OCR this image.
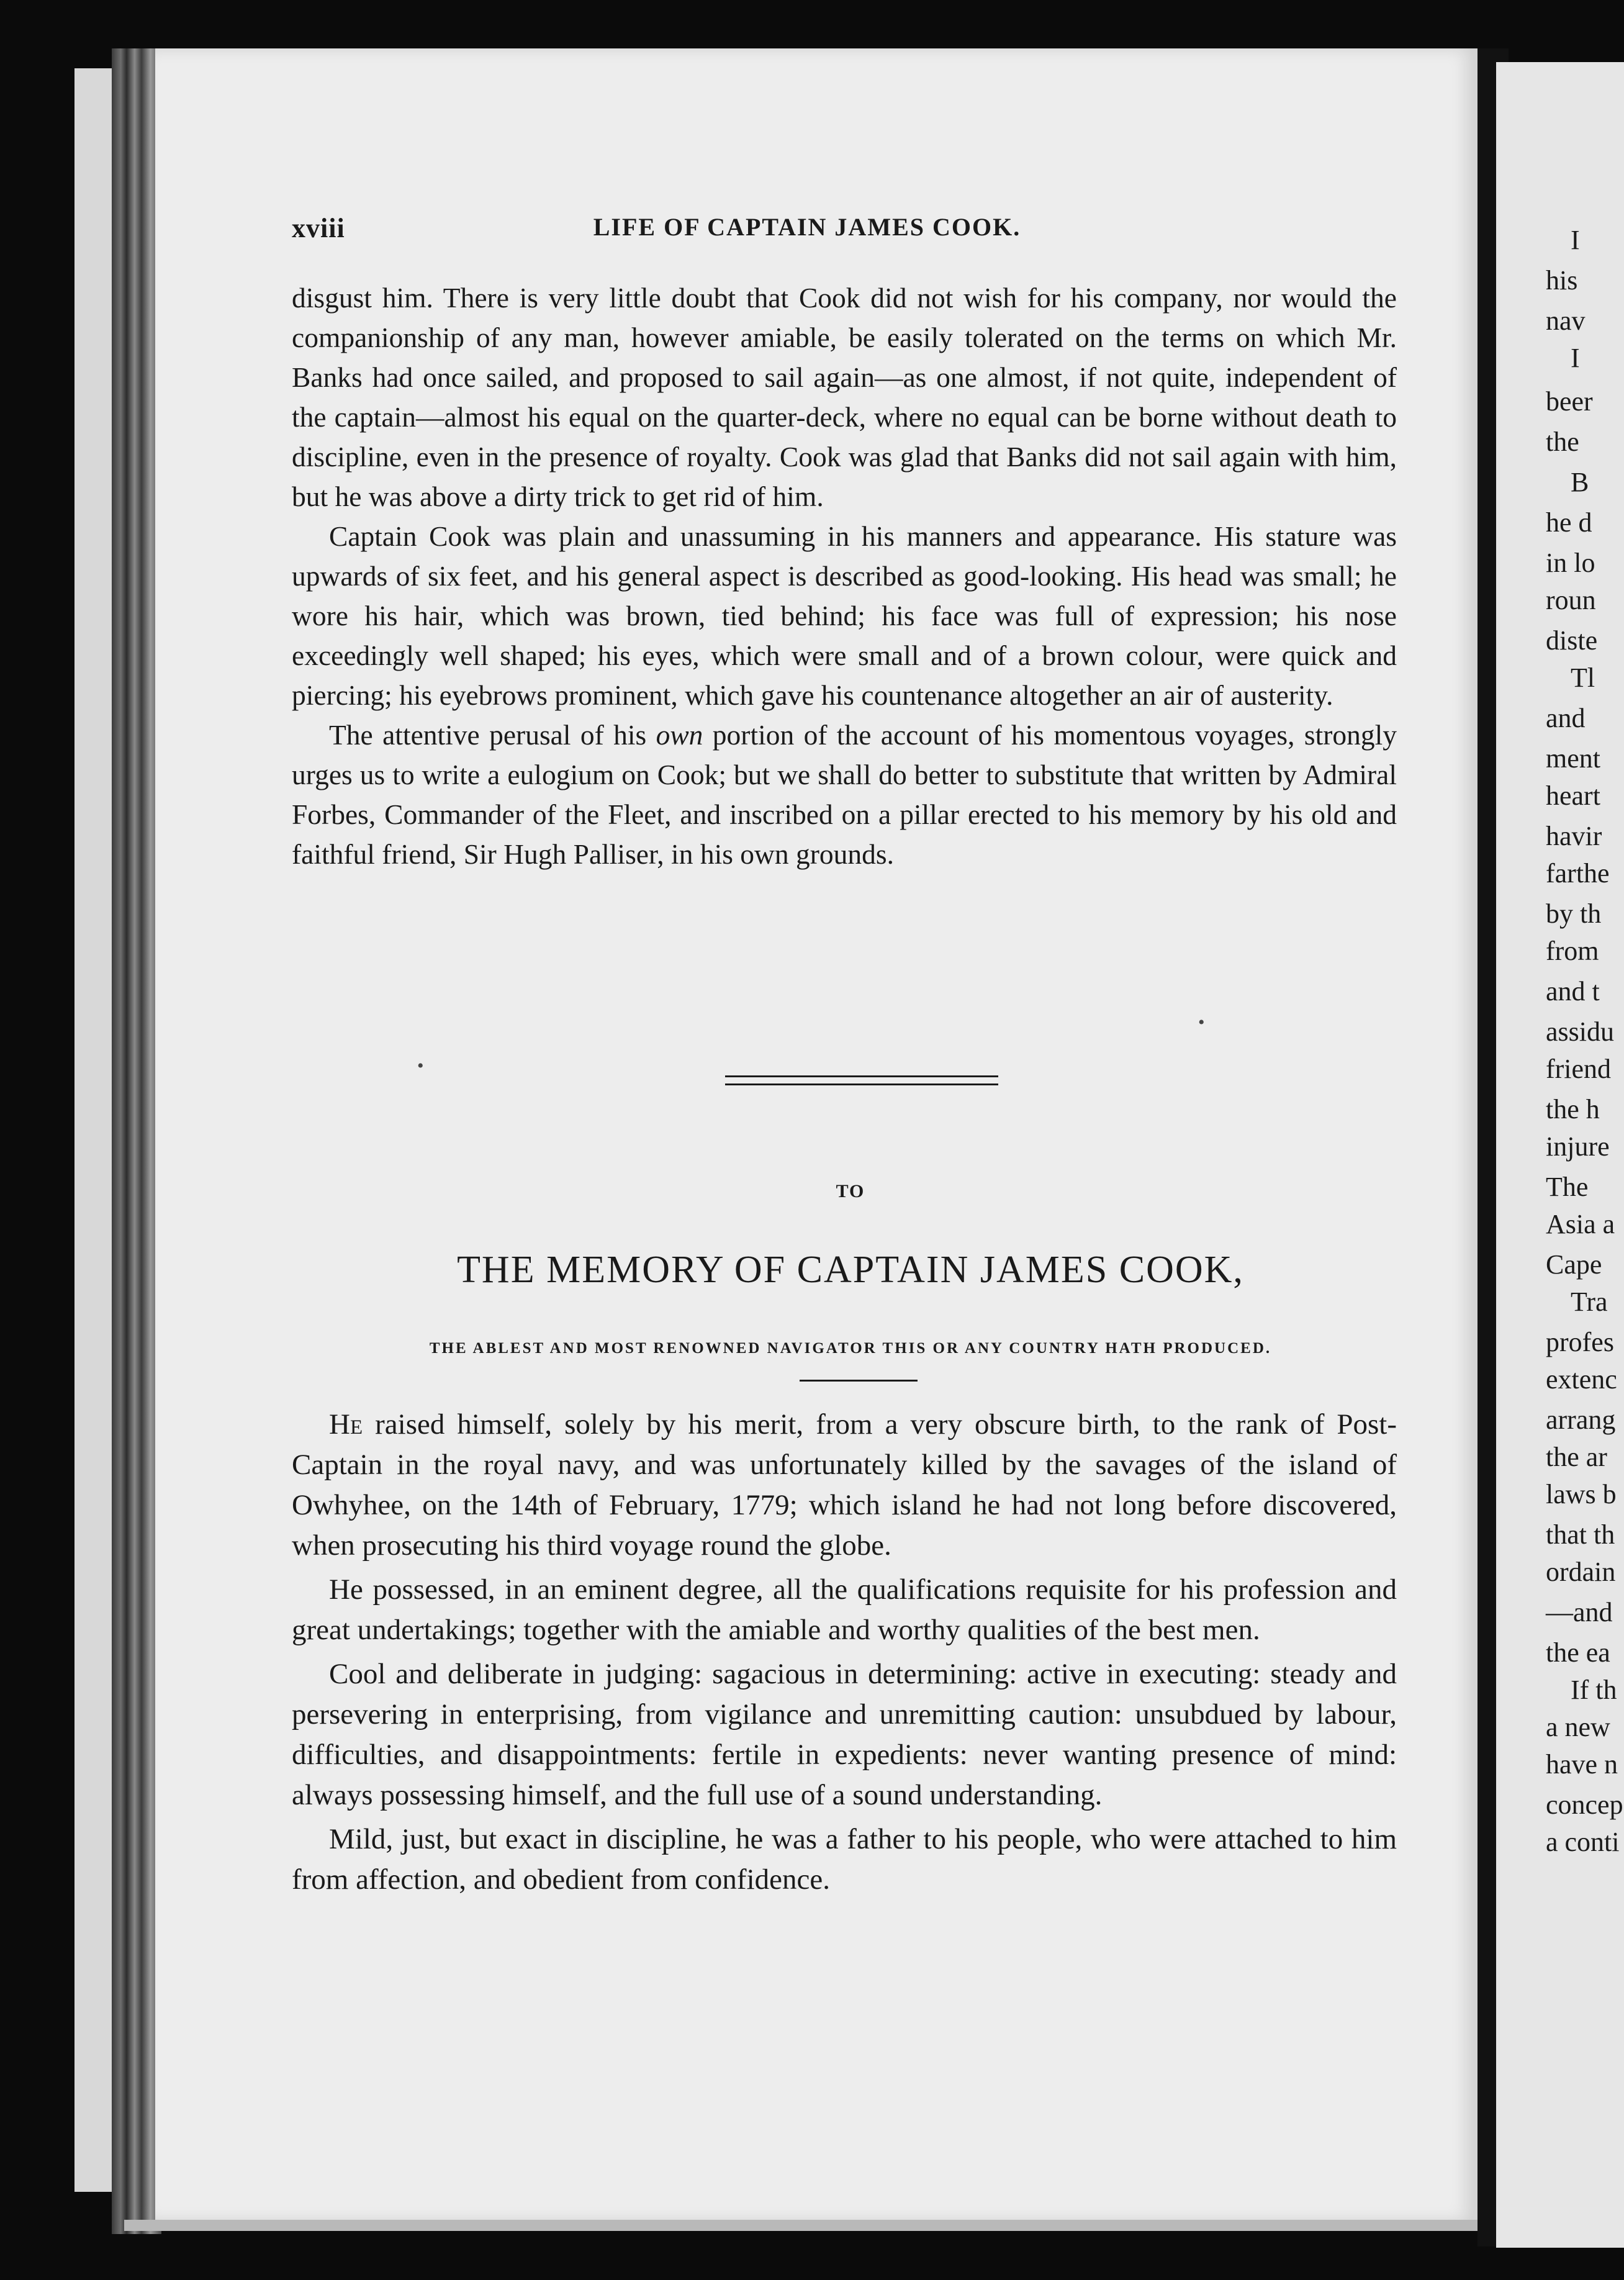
I
his
nav
I
beer
the
B
he d
in lo
roun
diste
Tl
and
ment
heart
havir
farthe
by th
from
and t
assidu
friend
the h
injure
The
Asia a
Cape
Tra
profes
extenc
arrang
the ar
laws b
that th
ordain
—and
the ea
If th
a new
have n
concep
a conti
xviii	LIFE OF CAPTAIN JAMES COOK.

disgust him. There is very little doubt that Cook did not wish for his company, nor would the companionship of any man, however amiable, be easily tolerated on the terms on which Mr. Banks had once sailed, and proposed to sail again—as one almost, if not quite, independent of the captain—almost his equal on the quarter-deck, where no equal can be borne without death to discipline, even in the presence of royalty. Cook was glad that Banks did not sail again with him, but he was above a dirty trick to get rid of him.

Captain Cook was plain and unassuming in his manners and appearance. His stature was upwards of six feet, and his general aspect is described as good-looking. His head was small; he wore his hair, which was brown, tied behind; his face was full of expression; his nose exceedingly well shaped; his eyes, which were small and of a brown colour, were quick and piercing; his eyebrows prominent, which gave his countenance altogether an air of austerity.

The attentive perusal of his own portion of the account of his momentous voyages, strongly urges us to write a eulogium on Cook; but we shall do better to substitute that written by Admiral Forbes, Commander of the Fleet, and inscribed on a pillar erected to his memory by his old and faithful friend, Sir Hugh Palliser, in his own grounds.

•
•
TO
THE MEMORY OF CAPTAIN JAMES COOK,
THE ABLEST AND MOST RENOWNED NAVIGATOR THIS OR ANY COUNTRY HATH PRODUCED.

He raised himself, solely by his merit, from a very obscure birth, to the rank of Post-Captain in the royal navy, and was unfortunately killed by the savages of the island of Owhyhee, on the 14th of February, 1779; which island he had not long before discovered, when prosecuting his third voyage round the globe.

He possessed, in an eminent degree, all the qualifications requisite for his profession and great undertakings; together with the amiable and worthy qualities of the best men.

Cool and deliberate in judging: sagacious in determining: active in executing: steady and persevering in enterprising, from vigilance and unremitting caution: unsubdued by labour, difficulties, and disappointments: fertile in expedients: never wanting presence of mind: always possessing himself, and the full use of a sound understanding.

Mild, just, but exact in discipline, he was a father to his people, who were attached to him from affection, and obedient from confidence.
